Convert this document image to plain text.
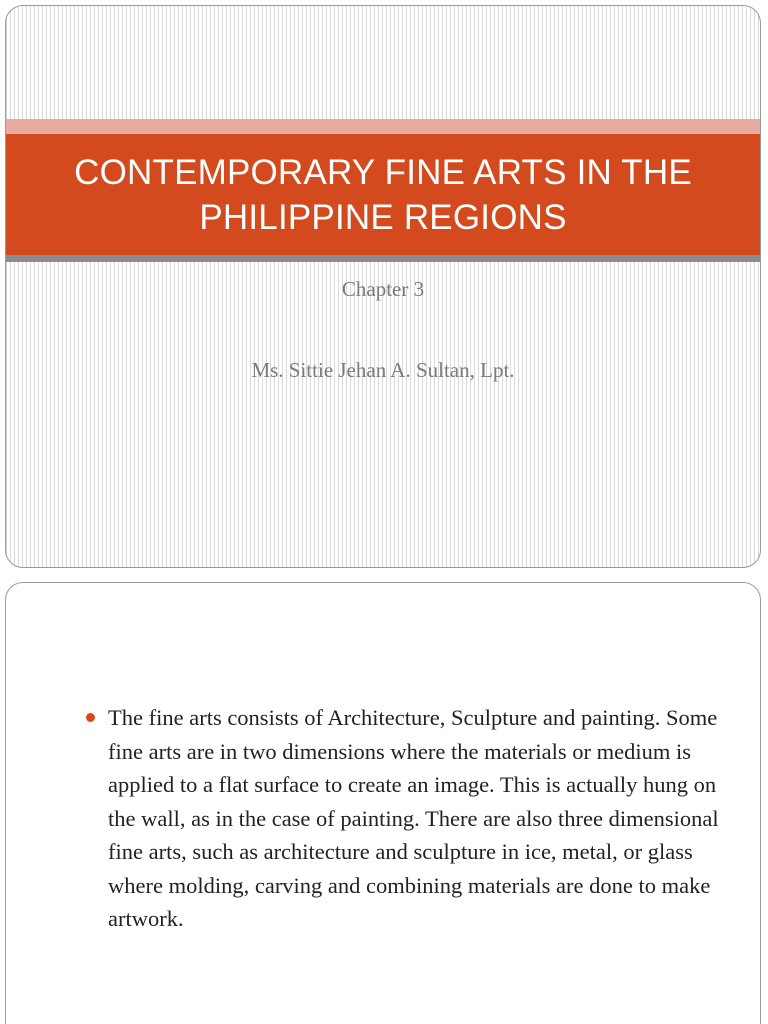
CONTEMPORARY FINE ARTS IN THE
PHILIPPINE REGIONS

Chapter 3

Ms. Sittie Jehan A. Sultan, Lpt.

The fine arts consists of Architecture, Sculpture and painting. Some fine arts are in two dimensions where the materials or medium is applied to a flat surface to create an image. This is actually hung on the wall, as in the case of painting. There are also three dimensional fine arts, such as architecture and sculpture in ice, metal, or glass where molding, carving and combining materials are done to make artwork.
